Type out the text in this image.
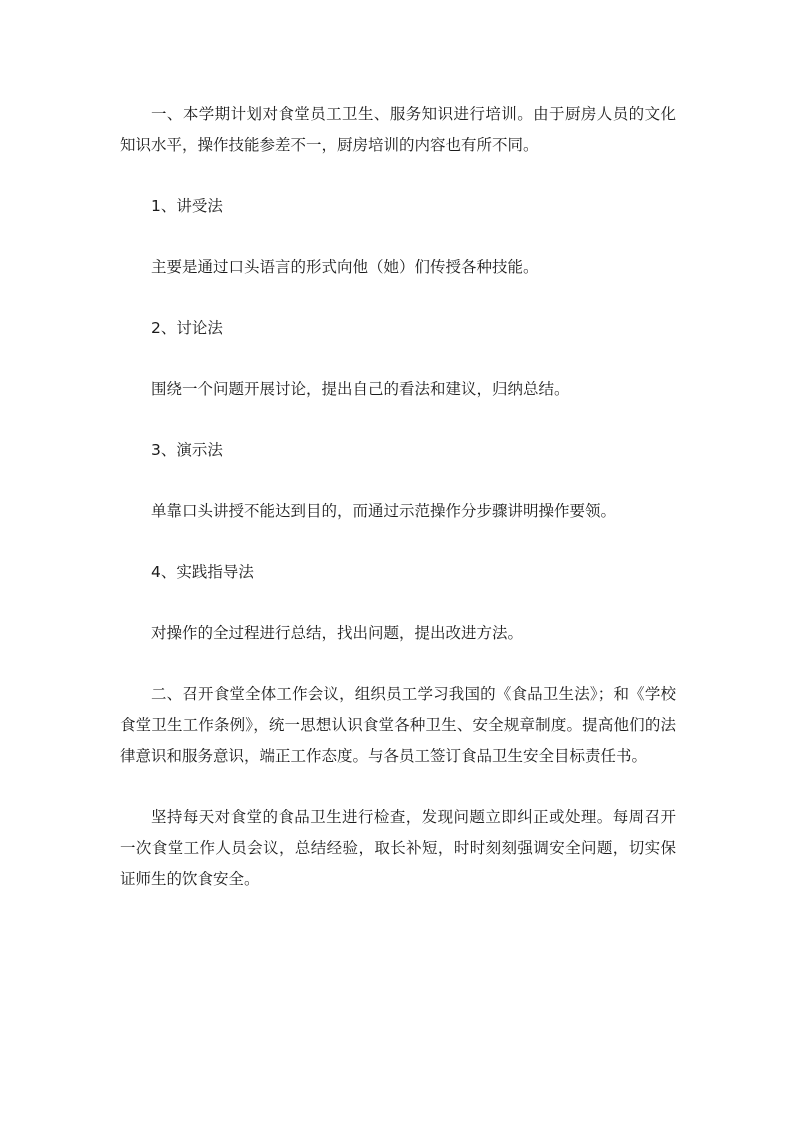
一、本学期计划对食堂员工卫生、服务知识进行培训。由于厨房人员的文化知识水平，操作技能参差不一，厨房培训的内容也有所不同。

1、讲受法

主要是通过口头语言的形式向他（她）们传授各种技能。

2、讨论法

围绕一个问题开展讨论，提出自己的看法和建议，归纳总结。

3、演示法

单靠口头讲授不能达到目的，而通过示范操作分步骤讲明操作要领。

4、实践指导法

对操作的全过程进行总结，找出问题，提出改进方法。

二、召开食堂全体工作会议，组织员工学习我国的《食品卫生法》；和《学校食堂卫生工作条例》，统一思想认识食堂各种卫生、安全规章制度。提高他们的法律意识和服务意识，端正工作态度。与各员工签订食品卫生安全目标责任书。

坚持每天对食堂的食品卫生进行检查，发现问题立即纠正或处理。每周召开一次食堂工作人员会议，总结经验，取长补短，时时刻刻强调安全问题，切实保证师生的饮食安全。
